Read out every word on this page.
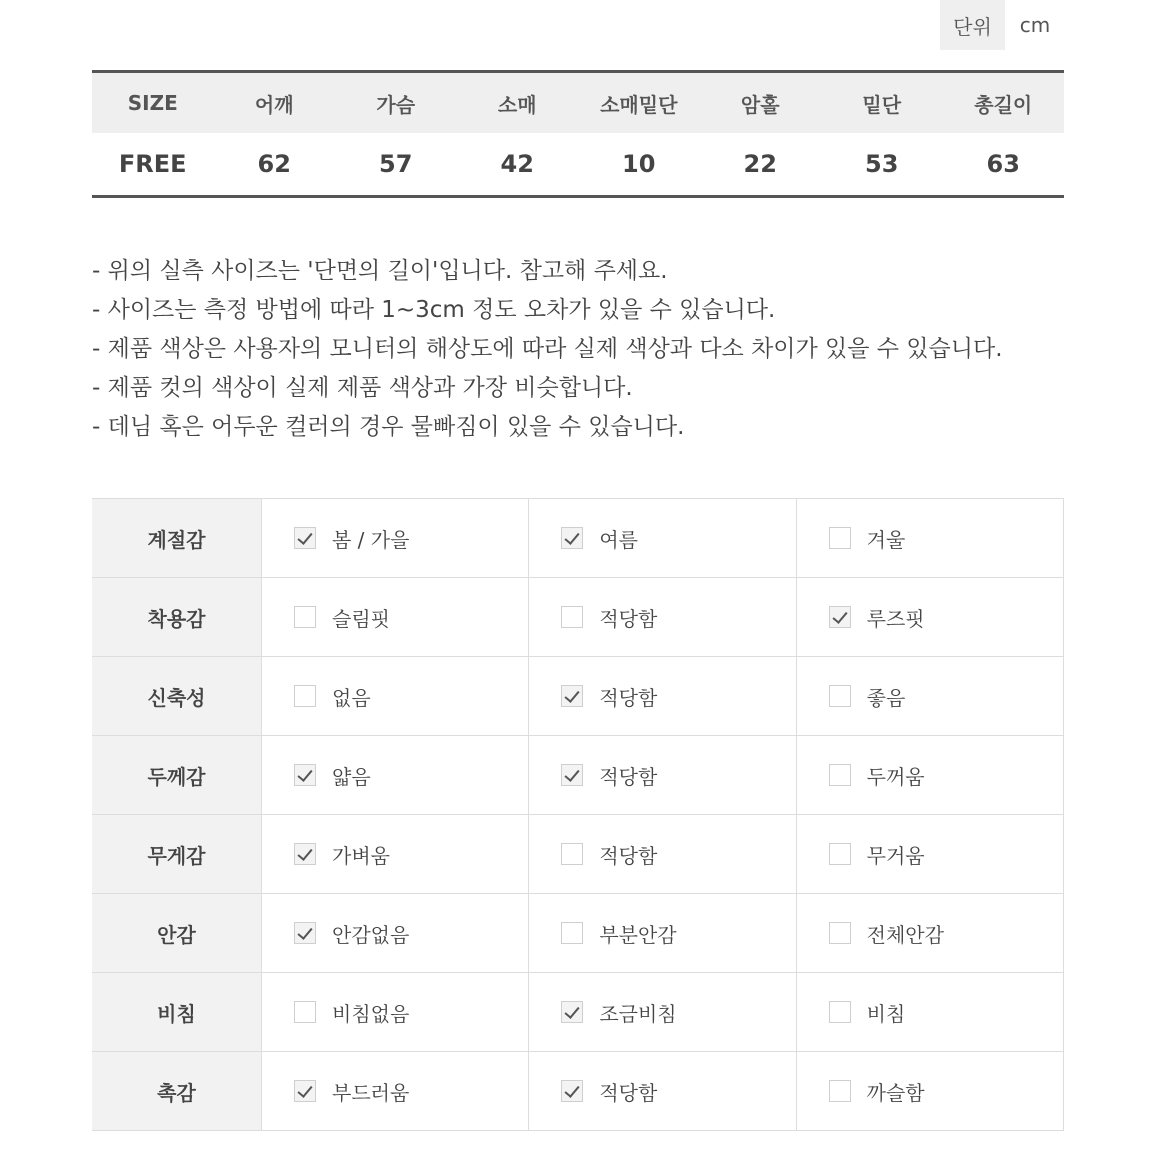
단위	cm
SIZE	어깨	가슴	소매	소매밑단	암홀	밑단	총길이
FREE	62	57	42	10	22	53	63
- 위의 실측 사이즈는 '단면의 길이'입니다. 참고해 주세요.
- 사이즈는 측정 방법에 따라 1~3cm 정도 오차가 있을 수 있습니다.
- 제품 색상은 사용자의 모니터의 해상도에 따라 실제 색상과 다소 차이가 있을 수 있습니다.
- 제품 컷의 색상이 실제 제품 색상과 가장 비슷합니다.
- 데님 혹은 어두운 컬러의 경우 물빠짐이 있을 수 있습니다.
계절감	봄 / 가을	여름	겨울
착용감	슬림핏	적당함	루즈핏
신축성	없음	적당함	좋음
두께감	얇음	적당함	두꺼움
무게감	가벼움	적당함	무거움
안감	안감없음	부분안감	전체안감
비침	비침없음	조금비침	비침
촉감	부드러움	적당함	까슬함
